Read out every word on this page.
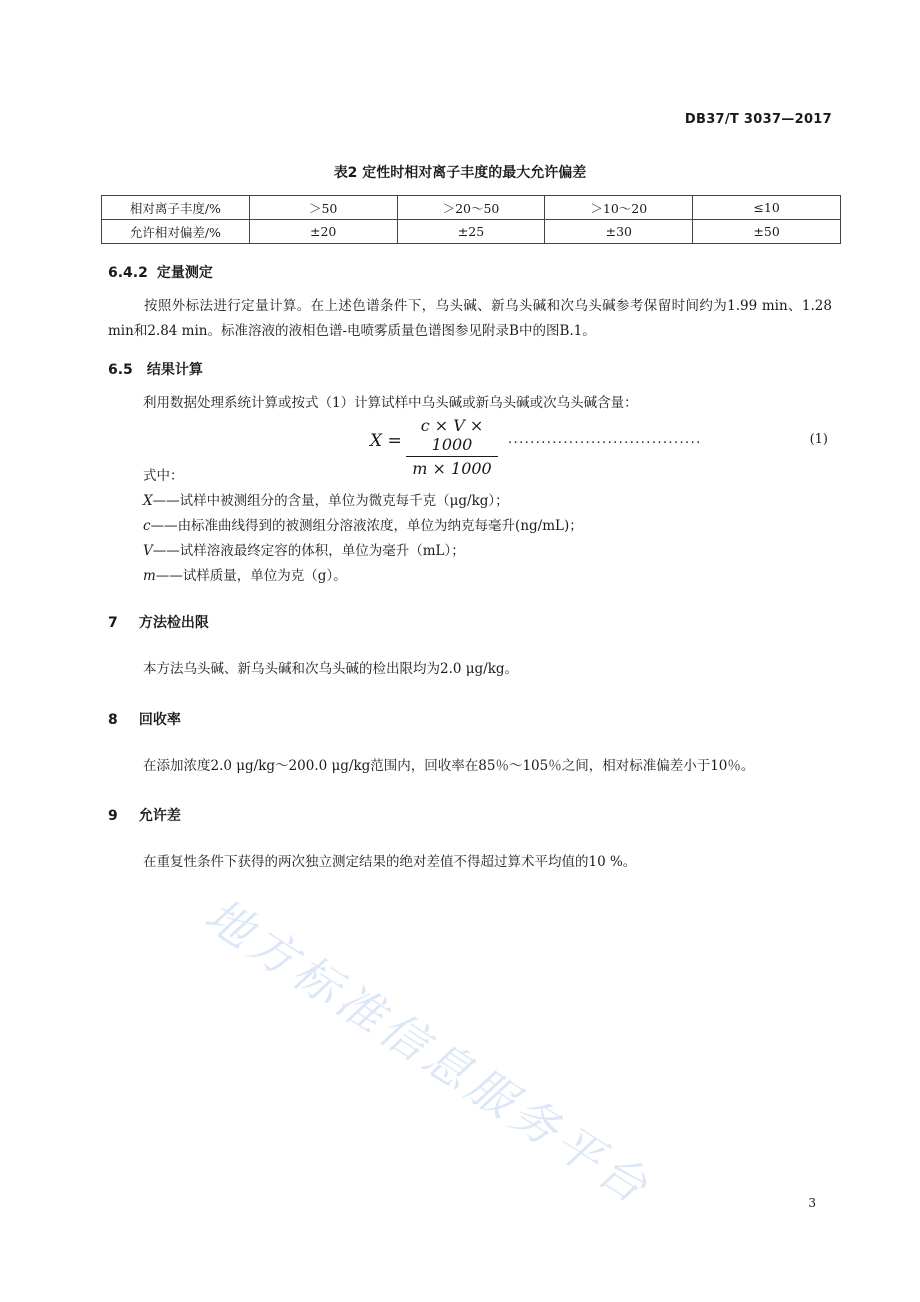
DB37/T 3037—2017
表2 定性时相对离子丰度的最大允许偏差
相对离子丰度/%	＞50	＞20～50	＞10～20	≤10
允许相对偏差/%	±20	±25	±30	±50
6.4.2 定量测定
按照外标法进行定量计算。在上述色谱条件下，乌头碱、新乌头碱和次乌头碱参考保留时间约为1.99 min、1.28 min和2.84 min。标准溶液的液相色谱-电喷雾质量色谱图参见附录B中的图B.1。
6.5 结果计算
利用数据处理系统计算或按式（1）计算试样中乌头碱或新乌头碱或次乌头碱含量：
$X = \frac{c \times V \times 1000}{m \times 1000}$ ...................................	(1)
式中：
X——试样中被测组分的含量，单位为微克每千克（μg/kg）；
c——由标准曲线得到的被测组分溶液浓度，单位为纳克每毫升(ng/mL)；
V——试样溶液最终定容的体积，单位为毫升（mL）；
m——试样质量，单位为克（g）。
7 方法检出限
本方法乌头碱、新乌头碱和次乌头碱的检出限均为2.0 μg/kg。
8 回收率
在添加浓度2.0 μg/kg～200.0 μg/kg范围内，回收率在85％～105％之间，相对标准偏差小于10％。
9 允许差
在重复性条件下获得的两次独立测定结果的绝对差值不得超过算术平均值的10 %。
地方标准信息服务平台	3
